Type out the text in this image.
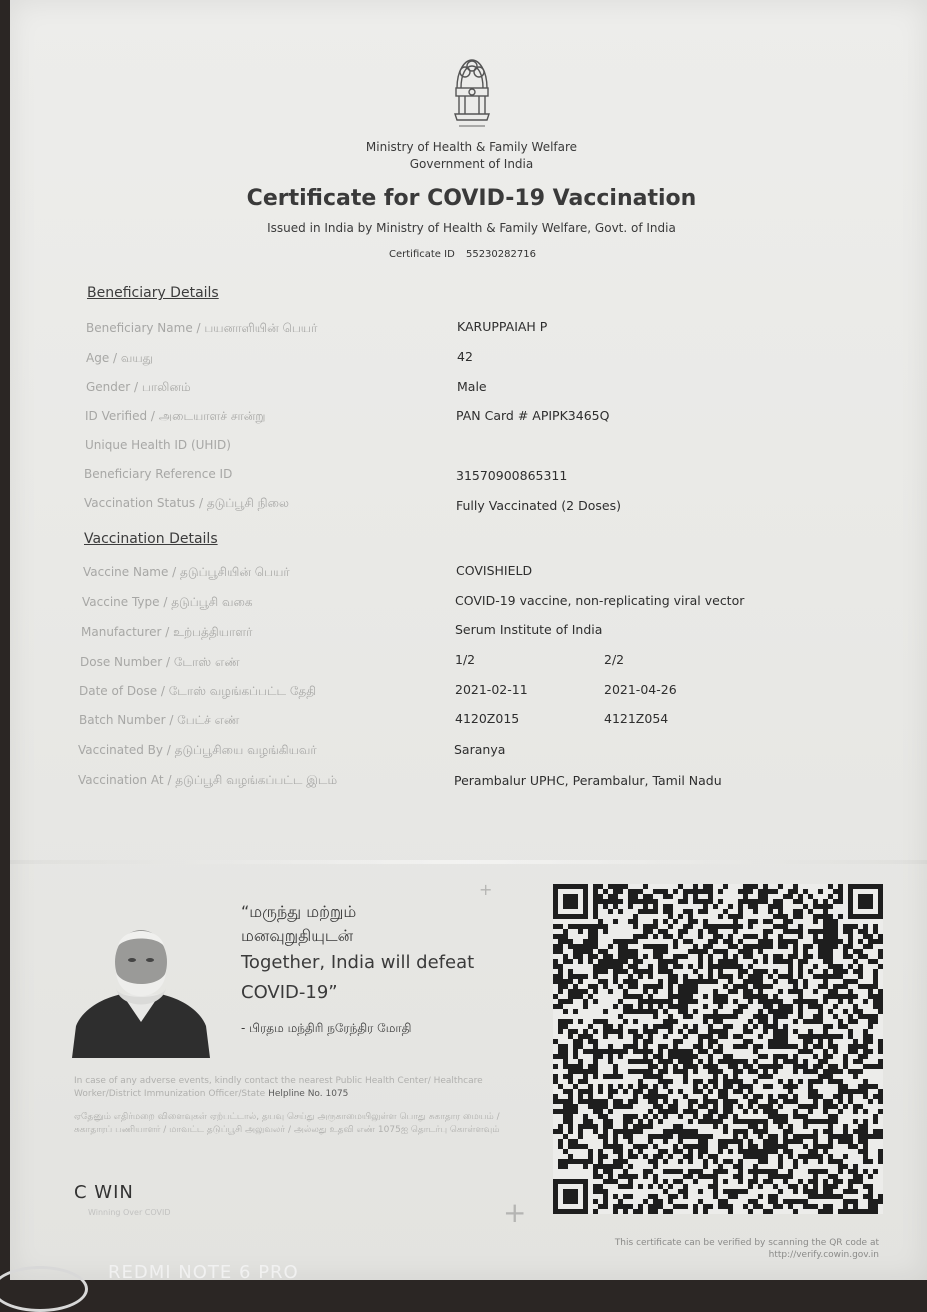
Ministry of Health & Family Welfare
Government of India
Certificate for COVID-19 Vaccination
Issued in India by Ministry of Health & Family Welfare, Govt. of India
Certificate ID 55230282716
Beneficiary Details
Beneficiary Name / பயனாளியின் பெயர்	KARUPPAIAH P
Age / வயது	42
Gender / பாலினம்	Male
ID Verified / அடையாளச் சான்று	PAN Card # APIPK3465Q
Unique Health ID (UHID)
Beneficiary Reference ID	31570900865311
Vaccination Status / தடுப்பூசி நிலை	Fully Vaccinated (2 Doses)
Vaccination Details
Vaccine Name / தடுப்பூசியின் பெயர்	COVISHIELD
Vaccine Type / தடுப்பூசி வகை	COVID-19 vaccine, non-replicating viral vector
Manufacturer / உற்பத்தியாளர்	Serum Institute of India
Dose Number / டோஸ் எண்	1/2	2/2
Date of Dose / டோஸ் வழங்கப்பட்ட தேதி	2021-02-11	2021-04-26
Batch Number / பேட்ச் எண்	4120Z015	4121Z054
Vaccinated By / தடுப்பூசியை வழங்கியவர்	Saranya
Vaccination At / தடுப்பூசி வழங்கப்பட்ட இடம்	Perambalur UPHC, Perambalur, Tamil Nadu
“மருந்து மற்றும்
மனவுறுதியுடன்
Together, India will defeat
COVID-19”
- பிரதம மந்திரி நரேந்திர மோதி
In case of any adverse events, kindly contact the nearest Public Health Center/ Healthcare Worker/District Immunization Officer/State Helpline No. 1075
ஏதேனும் எதிர்மறை விளைவுகள் ஏற்பட்டால், தயவு செய்து அருகாமையிலுள்ள பொது சுகாதார மையம் / சுகாதாரப் பணியாளர் / மாவட்ட தடுப்பூசி அலுவலர் / அல்லது உதவி எண் 1075ஐ தொடர்பு கொள்ளவும்
C WIN
Winning Over COVID
+
+
This certificate can be verified by scanning the QR code at
http://verify.cowin.gov.in
REDMI NOTE 6 PRO
